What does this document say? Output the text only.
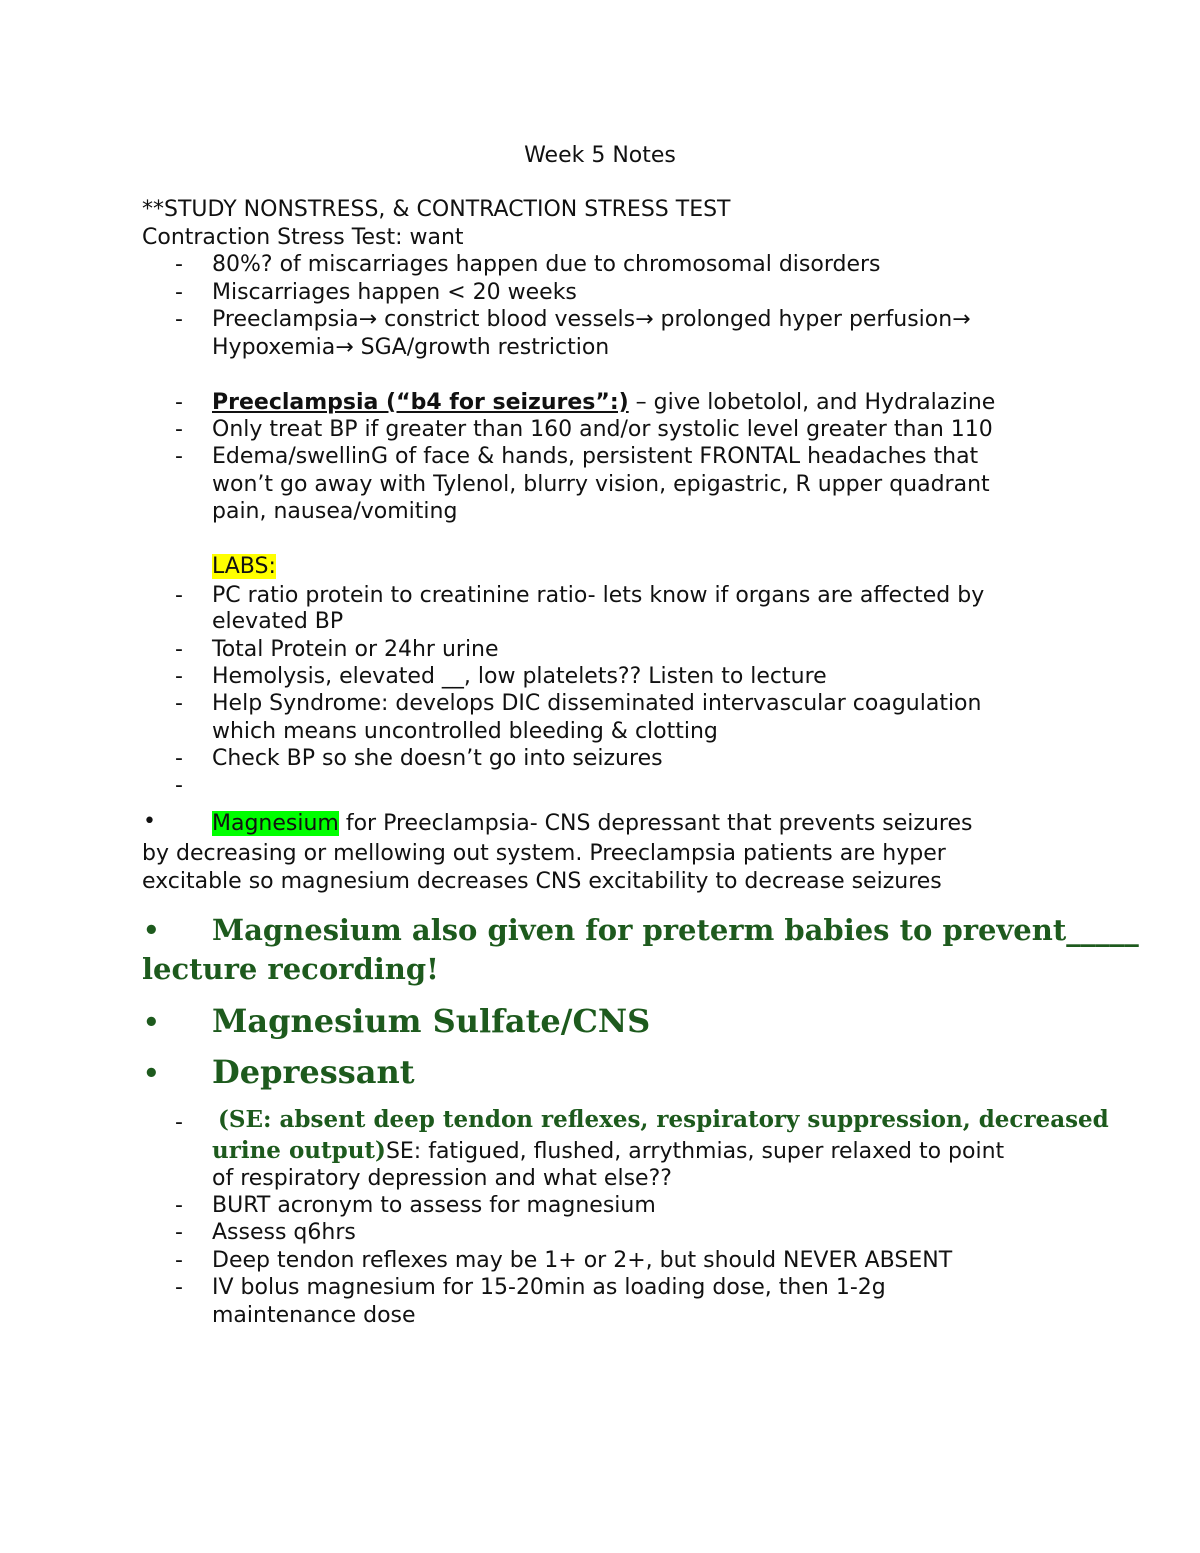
Week 5 Notes
**STUDY NONSTRESS, & CONTRACTION STRESS TEST
Contraction Stress Test: want
-	80%? of miscarriages happen due to chromosomal disorders
-	Miscarriages happen < 20 weeks
-	Preeclampsia→ constrict blood vessels→ prolonged hyper perfusion→
Hypoxemia→ SGA/growth restriction
-	Preeclampsia (“b4 for seizures”:) – give lobetolol, and Hydralazine
-	Only treat BP if greater than 160 and/or systolic level greater than 110
-	Edema/swellinG of face & hands, persistent FRONTAL headaches that
won’t go away with Tylenol, blurry vision, epigastric, R upper quadrant
pain, nausea/vomiting
LABS:
-	PC ratio protein to creatinine ratio- lets know if organs are affected by
elevated BP
-	Total Protein or 24hr urine
-	Hemolysis, elevated __, low platelets?? Listen to lecture
-	Help Syndrome: develops DIC disseminated intervascular coagulation
which means uncontrolled bleeding & clotting
-	Check BP so she doesn’t go into seizures
-
•	Magnesium for Preeclampsia- CNS depressant that prevents seizures
by decreasing or mellowing out system. Preeclampsia patients are hyper
excitable so magnesium decreases CNS excitability to decrease seizures
• Magnesium also given for preterm babies to prevent_____
lecture recording!
• Magnesium Sulfate/CNS
• Depressant
-	(SE: absent deep tendon reflexes, respiratory suppression, decreased
urine output)SE: fatigued, flushed, arrythmias, super relaxed to point
of respiratory depression and what else??
-	BURT acronym to assess for magnesium
-	Assess q6hrs
-	Deep tendon reflexes may be 1+ or 2+, but should NEVER ABSENT
-	IV bolus magnesium for 15-20min as loading dose, then 1-2g
maintenance dose
